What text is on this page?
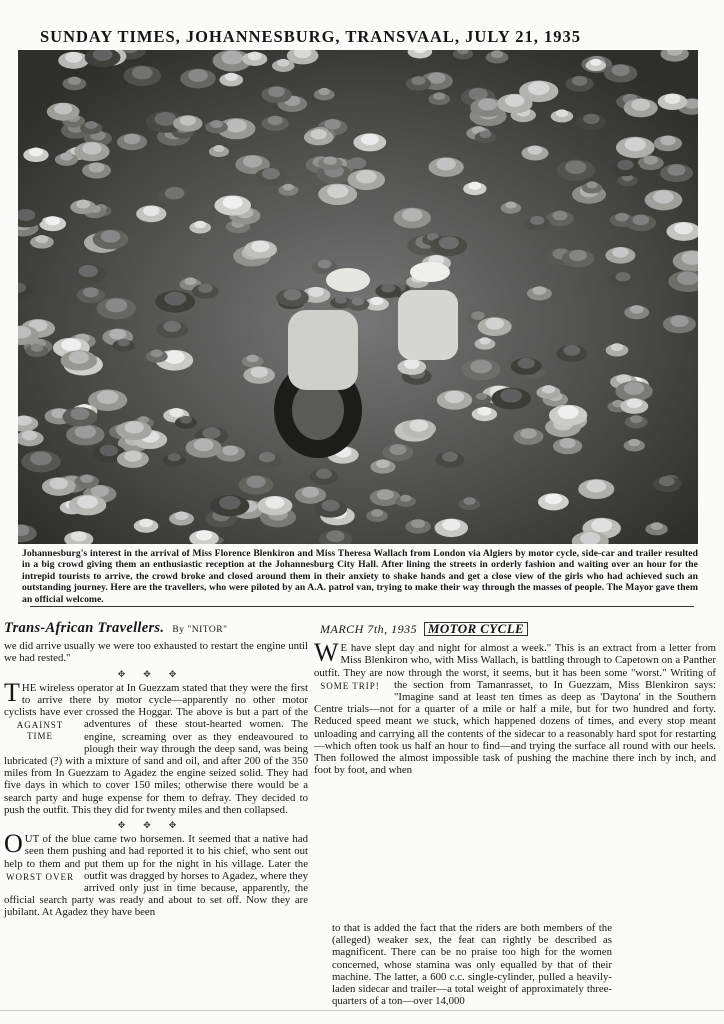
SUNDAY TIMES, JOHANNESBURG, TRANSVAAL, JULY 21, 1935
Johannesburg's interest in the arrival of Miss Florence Blenkiron and Miss Theresa Wallach from London via Algiers by motor cycle, side-car and trailer resulted in a big crowd giving them an enthusiastic reception at the Johannesburg City Hall. After lining the streets in orderly fashion and waiting over an hour for the intrepid tourists to arrive, the crowd broke and closed around them in their anxiety to shake hands and get a close view of the girls who had achieved such an outstanding journey. Here are the travellers, who were piloted by an A.A. patrol van, trying to make their way through the masses of people. The Mayor gave them an official welcome.

Trans-African Travellers. By "NITOR"

we did arrive usually we were too exhausted to restart the engine until we had rested."

✥✥✥

T HE wireless operator at In Guezzam stated that they were the first to arrive there by motor cycle—apparently no other motor cyclists have ever crossed the Hoggar. The above is but a part
AGAINST TIME
of the adventures of these stout-hearted women. The engine, screaming over as they endeavoured to plough their way through the deep sand, was being lubricated (?) with a mixture of sand and oil, and after 200 of the 350 miles from In Guezzam to Agadez the engine seized solid. They had five days in which to cover 150 miles; otherwise there would be a search party and huge expense for them to defray. They decided to push the outfit. This they did for twenty miles and then collapsed.

✥✥✥

O UT of the blue came two horsemen. It seemed that a native had seen them pushing and had reported it to his chief, who sent out help to them and put them up for the night in his village.
WORST OVER
Later the outfit was dragged by horses to Agadez, where they arrived only just in time because, apparently, the official search party was ready and about to set off. Now they are jubilant. At Agadez they have been

MARCH 7th, 1935 MOTOR CYCLE

W E have slept day and night for almost a week." This is an extract from a letter from Miss Blenkiron who, with Miss Wallach, is battling through to Capetown on a Panther outfit. They are now through the worst, it seems, but it has been some "worst."
SOME TRIP!
Writing of the section from Tamanrasset, to In Guezzam, Miss Blenkiron says: "Imagine sand at least ten times as deep as 'Daytona' in the Southern Centre trials—not for a quarter of a mile or half a mile, but for two hundred and forty. Reduced speed meant we stuck, which happened dozens of times, and every stop meant unloading and carrying all the contents of the sidecar to a reasonably hard spot for restarting—which often took us half an hour to find—and trying the surface all round with our heels. Then followed the almost impossible task of pushing the machine there inch by inch, and foot by foot, and when

to that is added the fact that the riders are both members of the (alleged) weaker sex, the feat can rightly be described as magnificent. There can be no praise too high for the women concerned, whose stamina was only equalled by that of their machine. The latter, a 600 c.c. single-cylinder, pulled a heavily-laden sidecar and trailer—a total weight of approximately three-quarters of a ton—over 14,000
